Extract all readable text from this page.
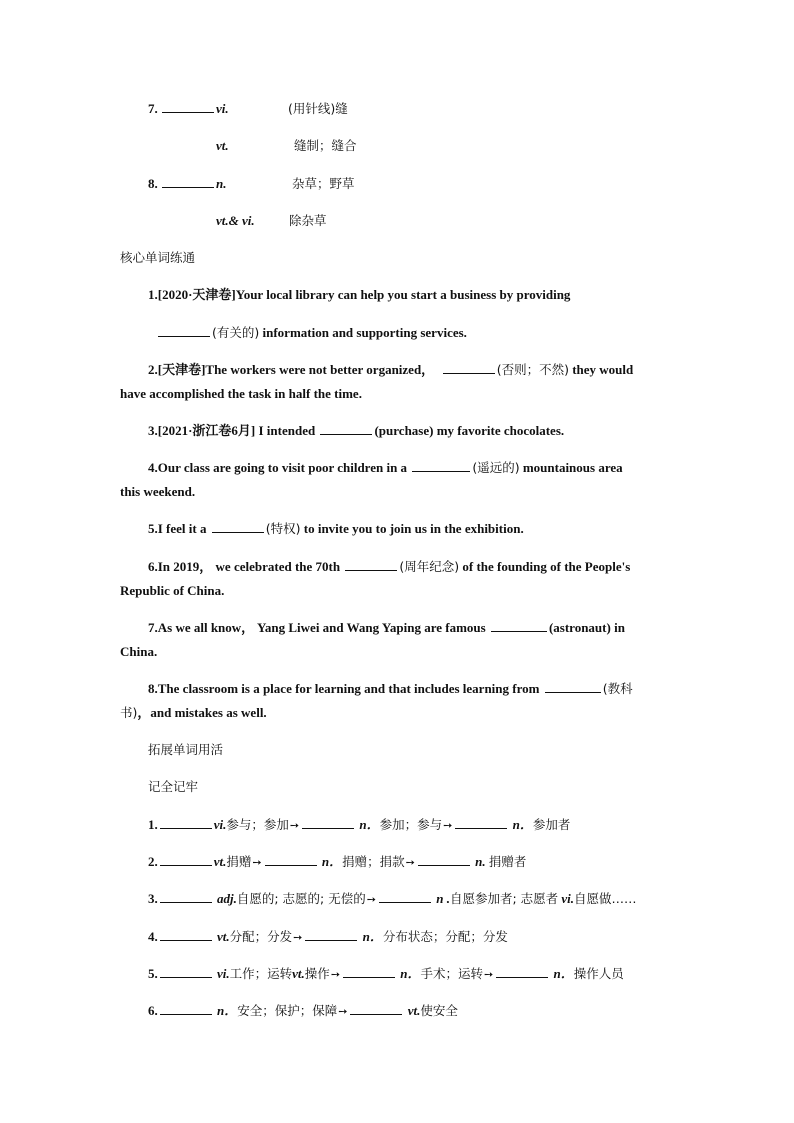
7.	vi.	(用针线)缝
vt.	缝制；缝合
8.	n.	杂草；野草
vt.& vi.	除杂草
核心单词练通
1.[2020·天津卷]Your local library can help you start a business by providing
(有关的) information and supporting services.
2.[天津卷]The workers were not better organized，	(否则；不然) they would
have accomplished the task in half the time.
3.[2021·浙江卷6月] I intended	(purchase) my favorite chocolates.
4.Our class are going to visit poor children in a	(遥远的) mountainous area
this weekend.
5.I feel it a	(特权) to invite you to join us in the exhibition.
6.In 2019， we celebrated the 70th	(周年纪念) of the founding of the People's
Republic of China.
7.As we all know， Yang Liwei and Wang Yaping are famous	(astronaut) in
China.
8.The classroom is a place for learning and that includes learning from	(教科
书)，and mistakes as well.
拓展单词用活
记全记牢
1.	vi.参与；参加➙	n．参加；参与➙	n．参加者
2.	vt.捐赠➙	n．捐赠；捐款➙	n. 捐赠者
3.	adj.自愿的; 志愿的; 无偿的➙	n .自愿参加者; 志愿者 vi.自愿做……
4.	vt.分配；分发➙	n．分布状态；分配；分发
5.	vi.工作；运转vt.操作➙	n．手术；运转➙	n．操作人员
6.	n．安全；保护；保障➙	vt.使安全
